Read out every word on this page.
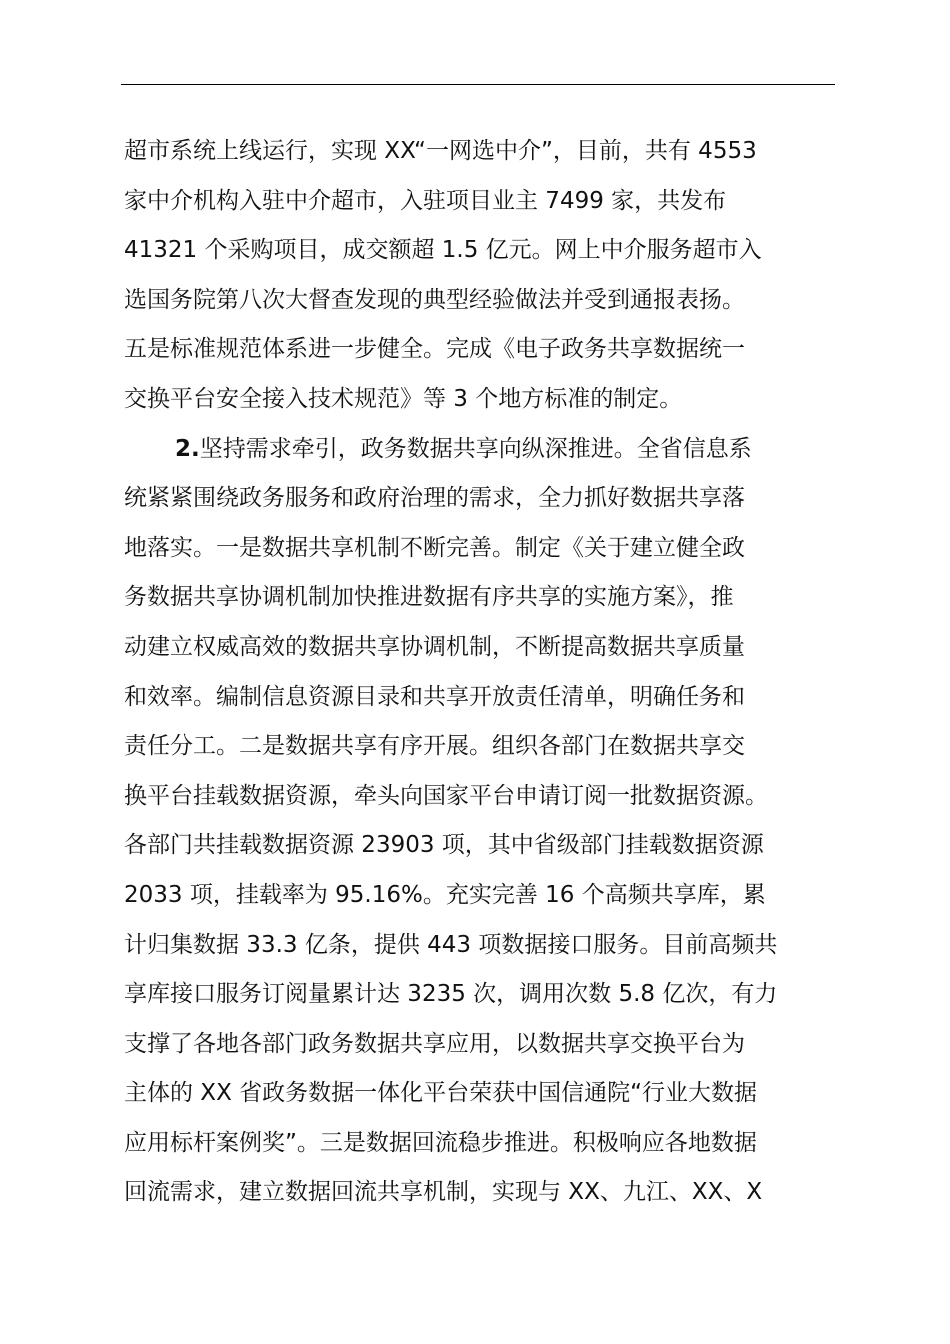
超市系统上线运行，实现 XX“一网选中介”，目前，共有 4553
家中介机构入驻中介超市，入驻项目业主 7499 家，共发布
41321 个采购项目，成交额超 1.5 亿元。网上中介服务超市入
选国务院第八次大督查发现的典型经验做法并受到通报表扬。
五是标准规范体系进一步健全。完成《电子政务共享数据统一
交换平台安全接入技术规范》等 3 个地方标准的制定。
2.坚持需求牵引，政务数据共享向纵深推进。全省信息系
统紧紧围绕政务服务和政府治理的需求，全力抓好数据共享落
地落实。一是数据共享机制不断完善。制定《关于建立健全政
务数据共享协调机制加快推进数据有序共享的实施方案》，推
动建立权威高效的数据共享协调机制，不断提高数据共享质量
和效率。编制信息资源目录和共享开放责任清单，明确任务和
责任分工。二是数据共享有序开展。组织各部门在数据共享交
换平台挂载数据资源，牵头向国家平台申请订阅一批数据资源。
各部门共挂载数据资源 23903 项，其中省级部门挂载数据资源
2033 项，挂载率为 95.16%。充实完善 16 个高频共享库，累
计归集数据 33.3 亿条，提供 443 项数据接口服务。目前高频共
享库接口服务订阅量累计达 3235 次，调用次数 5.8 亿次，有力
支撑了各地各部门政务数据共享应用，以数据共享交换平台为
主体的 XX 省政务数据一体化平台荣获中国信通院“行业大数据
应用标杆案例奖”。三是数据回流稳步推进。积极响应各地数据
回流需求，建立数据回流共享机制，实现与 XX、九江、XX、X
